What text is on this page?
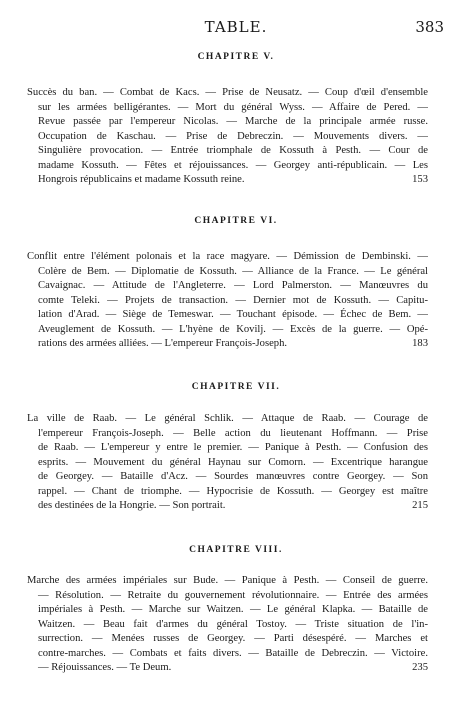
TABLE.	383
CHAPITRE V.
Succès du ban. — Combat de Kacs. — Prise de Neusatz. — Coup d'œil d'ensemble
sur les armées belligérantes. — Mort du général Wyss. — Affaire de Pered. —
Revue passée par l'empereur Nicolas. — Marche de la principale armée russe.
Occupation de Kaschau. — Prise de Debreczin. — Mouvements divers. —
Singulière provocation. — Entrée triomphale de Kossuth à Pesth. — Cour de
madame Kossuth. — Fêtes et réjouissances. — Georgey anti-républicain. — Les
Hongrois républicains et madame Kossuth reine.	153
CHAPITRE VI.
Conflit entre l'élément polonais et la race magyare. — Démission de Dembinski. —
Colère de Bem. — Diplomatie de Kossuth. — Alliance de la France. — Le général
Cavaignac. — Attitude de l'Angleterre. — Lord Palmerston. — Manœuvres du
comte Teleki. — Projets de transaction. — Dernier mot de Kossuth. — Capitu-
lation d'Arad. — Siège de Temeswar. — Touchant épisode. — Échec de Bem. —
Aveuglement de Kossuth. — L'hyène de Kovilj. — Excès de la guerre. — Opé-
rations des armées alliées. — L'empereur François-Joseph.	183
CHAPITRE VII.
La ville de Raab. — Le général Schlik. — Attaque de Raab. — Courage de
l'empereur François-Joseph. — Belle action du lieutenant Hoffmann. — Prise
de Raab. — L'empereur y entre le premier. — Panique à Pesth. — Confusion des
esprits. — Mouvement du général Haynau sur Comorn. — Excentrique harangue
de Georgey. — Bataille d'Acz. — Sourdes manœuvres contre Georgey. — Son
rappel. — Chant de triomphe. — Hypocrisie de Kossuth. — Georgey est maître
des destinées de la Hongrie. — Son portrait.	215
CHAPITRE VIII.
Marche des armées impériales sur Bude. — Panique à Pesth. — Conseil de guerre.
— Résolution. — Retraite du gouvernement révolutionnaire. — Entrée des armées
impériales à Pesth. — Marche sur Waitzen. — Le général Klapka. — Bataille de
Waitzen. — Beau fait d'armes du général Tostoy. — Triste situation de l'in-
surrection. — Menées russes de Georgey. — Parti désespéré. — Marches et
contre-marches. — Combats et faits divers. — Bataille de Debreczin. — Victoire.
— Réjouissances. — Te Deum.	235
